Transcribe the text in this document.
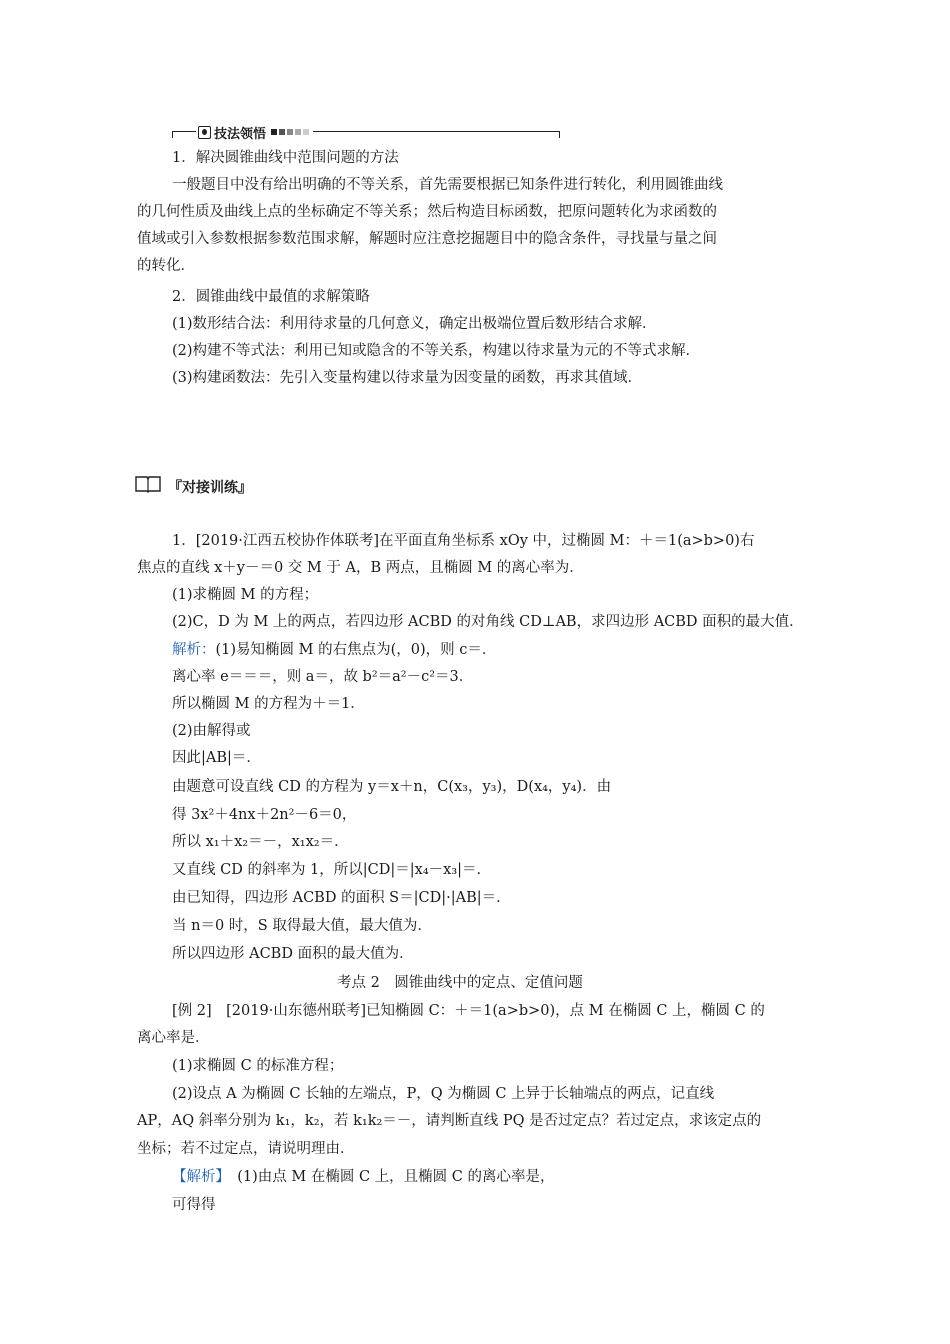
技法领悟
1．解决圆锥曲线中范围问题的方法
一般题目中没有给出明确的不等关系，首先需要根据已知条件进行转化，利用圆锥曲线
的几何性质及曲线上点的坐标确定不等关系；然后构造目标函数，把原问题转化为求函数的
值域或引入参数根据参数范围求解，解题时应注意挖掘题目中的隐含条件，寻找量与量之间
的转化．
2．圆锥曲线中最值的求解策略
(1)数形结合法：利用待求量的几何意义，确定出极端位置后数形结合求解．
(2)构建不等式法：利用已知或隐含的不等关系，构建以待求量为元的不等式求解．
(3)构建函数法：先引入变量构建以待求量为因变量的函数，再求其值域．
『对接训练』
1．[2019·江西五校协作体联考]在平面直角坐标系 xOy 中，过椭圆 M：＋＝1(a>b>0)右
焦点的直线 x＋y－＝0 交 M 于 A，B 两点，且椭圆 M 的离心率为．
(1)求椭圆 M 的方程；
(2)C，D 为 M 上的两点，若四边形 ACBD 的对角线 CD⊥AB，求四边形 ACBD 面积的最大值．
解析：(1)易知椭圆 M 的右焦点为(，0)，则 c＝．
离心率 e＝＝＝，则 a＝，故 b²＝a²－c²＝3．
所以椭圆 M 的方程为＋＝1．
(2)由解得或
因此|AB|＝．
由题意可设直线 CD 的方程为 y＝x＋n，C(x₃，y₃)，D(x₄，y₄)．由
得 3x²＋4nx＋2n²－6＝0，
所以 x₁＋x₂＝－，x₁x₂＝．
又直线 CD 的斜率为 1，所以|CD|＝|x₄－x₃|＝．
由已知得，四边形 ACBD 的面积 S＝|CD|·|AB|＝．
当 n＝0 时，S 取得最大值，最大值为．
所以四边形 ACBD 面积的最大值为．
考点 2　圆锥曲线中的定点、定值问题
[例 2]　[2019·山东德州联考]已知椭圆 C：＋＝1(a>b>0)，点 M 在椭圆 C 上，椭圆 C 的
离心率是．
(1)求椭圆 C 的标准方程；
(2)设点 A 为椭圆 C 长轴的左端点，P，Q 为椭圆 C 上异于长轴端点的两点，记直线
AP，AQ 斜率分别为 k₁，k₂，若 k₁k₂＝－，请判断直线 PQ 是否过定点？若过定点，求该定点的
坐标；若不过定点，请说明理由．
【解析】　(1)由点 M 在椭圆 C 上，且椭圆 C 的离心率是，
可得得
